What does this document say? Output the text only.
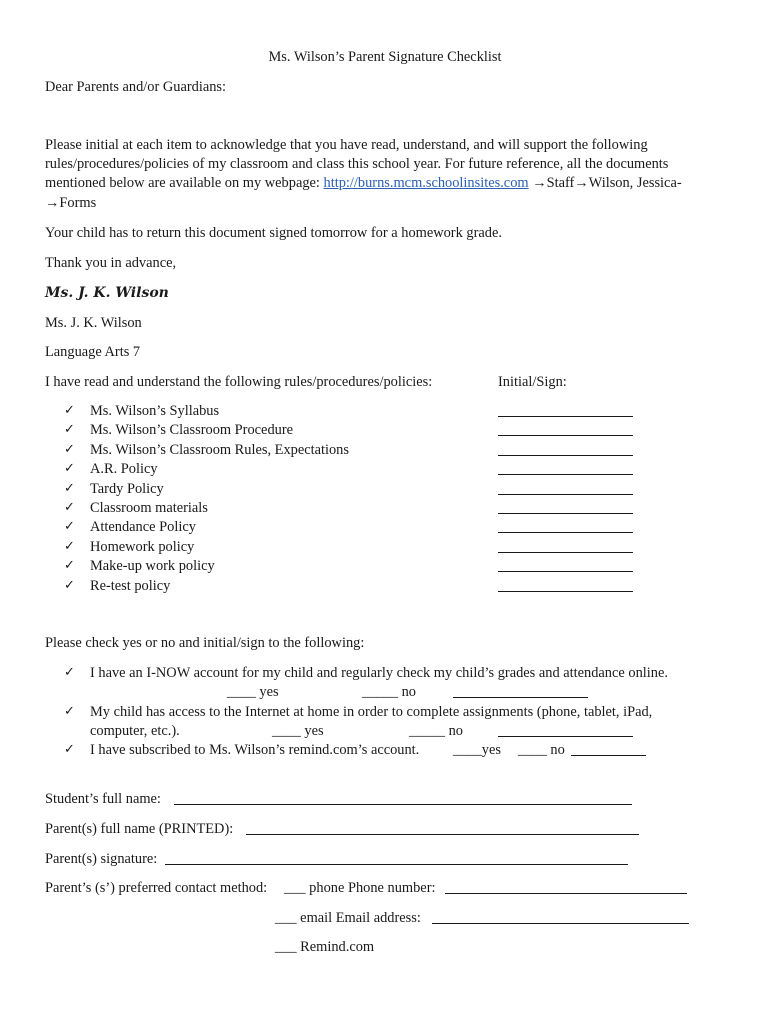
Ms. Wilson’s Parent Signature Checklist
Dear Parents and/or Guardians:
Please initial at each item to acknowledge that you have read, understand, and will support the following
rules/procedures/policies of my classroom and class this school year. For future reference, all the documents
mentioned below are available on my webpage: http://burns.mcm.schoolinsites.com →Staff→Wilson, Jessica-
→Forms
Your child has to return this document signed tomorrow for a homework grade.
Thank you in advance,
Ms. J. K. Wilson
Ms. J. K. Wilson
Language Arts 7
I have read and understand the following rules/procedures/policies:	Initial/Sign:
✓ Ms. Wilson’s Syllabus
✓ Ms. Wilson’s Classroom Procedure
✓ Ms. Wilson’s Classroom Rules, Expectations
✓ A.R. Policy
✓ Tardy Policy
✓ Classroom materials
✓ Attendance Policy
✓ Homework policy
✓ Make-up work policy
✓ Re-test policy
Please check yes or no and initial/sign to the following:
✓ I have an I-NOW account for my child and regularly check my child’s grades and attendance online.
____ yes	_____ no
✓ My child has access to the Internet at home in order to complete assignments (phone, tablet, iPad,
computer, etc.).	____ yes	_____ no
✓ I have subscribed to Ms. Wilson’s remind.com’s account. ____yes ____ no
Student’s full name:
Parent(s) full name (PRINTED):
Parent(s) signature:
Parent’s (s’) preferred contact method: ___ phone Phone number:
___ email Email address:
___ Remind.com
